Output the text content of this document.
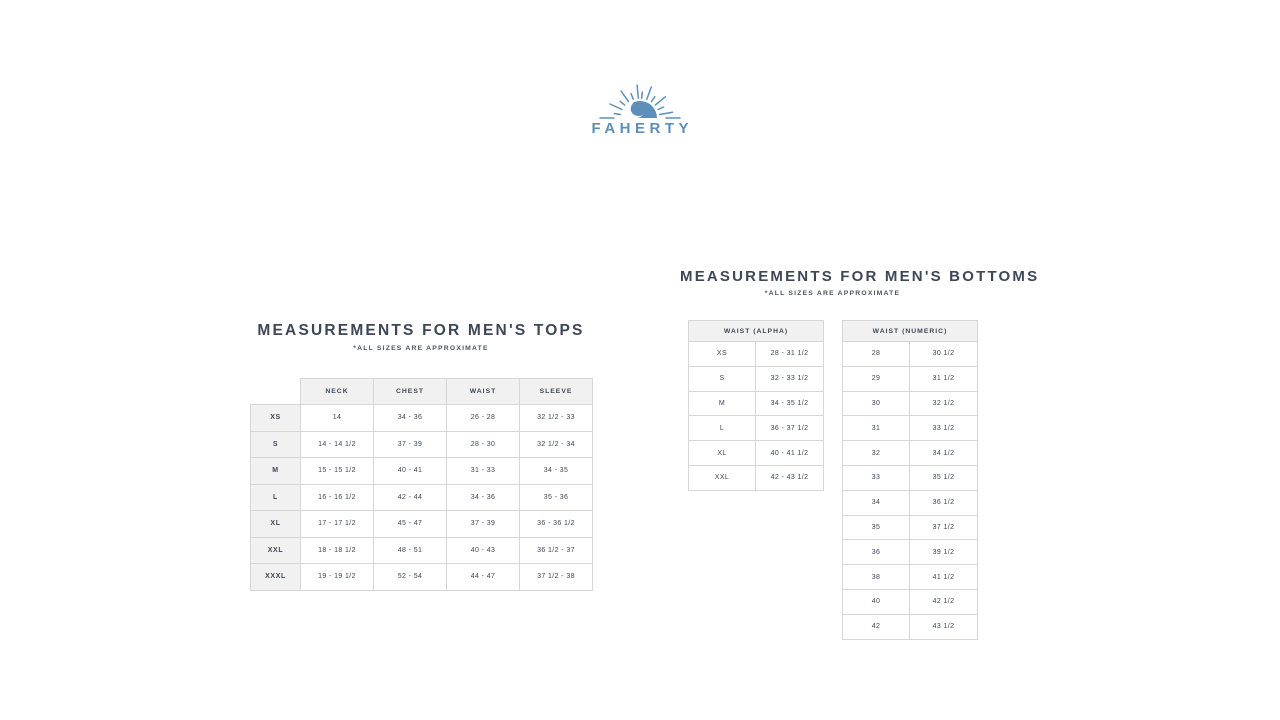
FAHERTY
MEASUREMENTS FOR MEN'S TOPS
*ALL SIZES ARE APPROXIMATE
	NECK	CHEST	WAIST	SLEEVE
XS	14	34 - 36	26 - 28	32 1/2 - 33
S	14 - 14 1/2	37 - 39	28 - 30	32 1/2 - 34
M	15 - 15 1/2	40 - 41	31 - 33	34 - 35
L	16 - 16 1/2	42 - 44	34 - 36	35 - 36
XL	17 - 17 1/2	45 - 47	37 - 39	36 - 36 1/2
XXL	18 - 18 1/2	48 - 51	40 - 43	36 1/2 - 37
XXXL	19 - 19 1/2	52 - 54	44 - 47	37 1/2 - 38
MEASUREMENTS FOR MEN'S BOTTOMS
*ALL SIZES ARE APPROXIMATE
WAIST (ALPHA)	
XS	28 - 31 1/2
S	32 - 33 1/2
M	34 - 35 1/2
L	36 - 37 1/2
XL	40 - 41 1/2
XXL	42 - 43 1/2
WAIST (NUMERIC)	
28	30 1/2
29	31 1/2
30	32 1/2
31	33 1/2
32	34 1/2
33	35 1/2
34	36 1/2
35	37 1/2
36	39 1/2
38	41 1/2
40	42 1/2
42	43 1/2
